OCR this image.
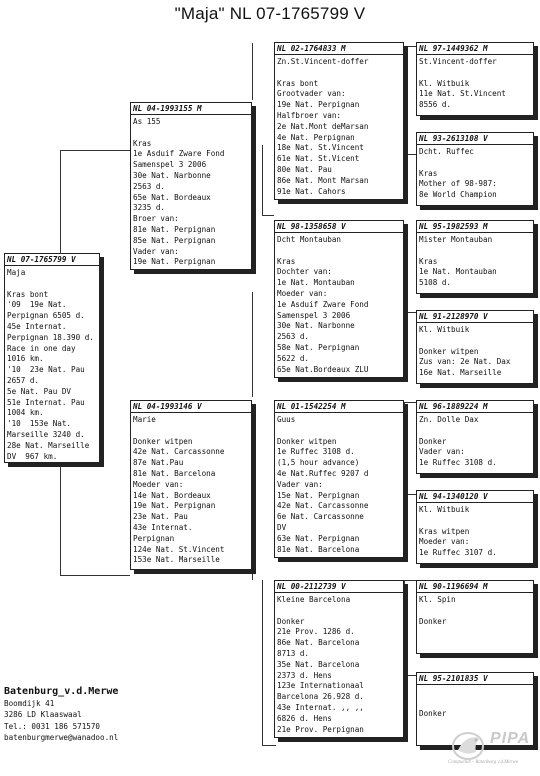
"Maja" NL 07-1765799 V
NL 07-1765799 V
Maja

Kras bont
'09  19e Nat.
Perpignan 6505 d.
45e Internat.
Perpignan 18.390 d.
Race in one day
1016 km.
'10  23e Nat. Pau
2657 d.
5e Nat. Pau DV
51e Internat. Pau
1004 km.
'10  153e Nat.
Marseille 3240 d.
28e Nat. Marseille
DV  967 km.
NL 04-1993155 M
As 155

Kras
1e Asduif Zware Fond
Samenspel 3 2006
30e Nat. Narbonne
2563 d.
65e Nat. Bordeaux
3235 d.
Broer van:
81e Nat. Perpignan
85e Nat. Perpignan
Vader van:
19e Nat. Perpignan
NL 04-1993146 V
Marie

Donker witpen
42e Nat. Carcassonne
87e Nat.Pau
81e Nat. Barcelona
Moeder van:
14e Nat. Bordeaux
19e Nat. Perpignan
23e Nat. Pau
43e Internat.
Perpignan
124e Nat. St.Vincent
153e Nat. Marseille
NL 02-1764833 M
Zn.St.Vincent-doffer

Kras bont
Grootvader van:
19e Nat. Perpignan
Halfbroer van:
2e Nat.Mont deMarsan
4e Nat. Perpignan
18e Nat. St.Vincent
61e Nat. St.Vicent
80e Nat. Pau
86e Nat. Mont Marsan
91e Nat. Cahors
NL 98-1358658 V
Dcht Montauban

Kras
Dochter van:
1e Nat. Montauban
Moeder van:
1e Asduif Zware Fond
Samenspel 3 2006
30e Nat. Narbonne
2563 d.
58e Nat. Perpignan
5622 d.
65e Nat.Bordeaux ZLU
NL 01-1542254 M
Guus

Donker witpen
1e Ruffec 3108 d.
(1,5 hour advance)
4e Nat.Ruffec 9207 d
Vader van:
15e Nat. Perpignan
42e Nat. Carcassonne
6e Nat. Carcassonne
DV
63e Nat. Perpignan
81e Nat. Barcelona
NL 00-2112739 V
Kleine Barcelona

Donker
21e Prov. 1286 d.
86e Nat. Barcelona
8713 d.
35e Nat. Barcelona
2373 d. Hens
123e Internationaal
Barcelona 26.928 d.
43e Internat. ,, ,,
6826 d. Hens
21e Prov. Perpignan
NL 97-1449362 M
St.Vincent-doffer

Kl. Witbuik
11e Nat. St.Vincent
8556 d.
NL 93-2613108 V
Dcht. Ruffec

Kras
Mother of 98-987:
8e World Champion
NL 95-1982593 M
Mister Montauban

Kras
1e Nat. Montauban
5108 d.
NL 91-2128970 V
Kl. Witbuik

Donker witpen
Zus van: 2e Nat. Dax
16e Nat. Marseille
NL 96-1889224 M
Zn. Dolle Dax

Donker
Vader van:
1e Ruffec 3108 d.
NL 94-1340120 V
Kl. Witbuik

Kras witpen
Moeder van:
1e Ruffec 3107 d.
NL 90-1196694 M
Kl. Spin

Donker
NL 95-2101835 V

Donker
Batenburg_v.d.Merwe
Boomdijk 41
3286 LD Klaaswaal
Tel.: 0031 186 571570
batenburgmerwe@wanadoo.nl	PIPA
Compuclub - Batenburg v.d.Merwe
